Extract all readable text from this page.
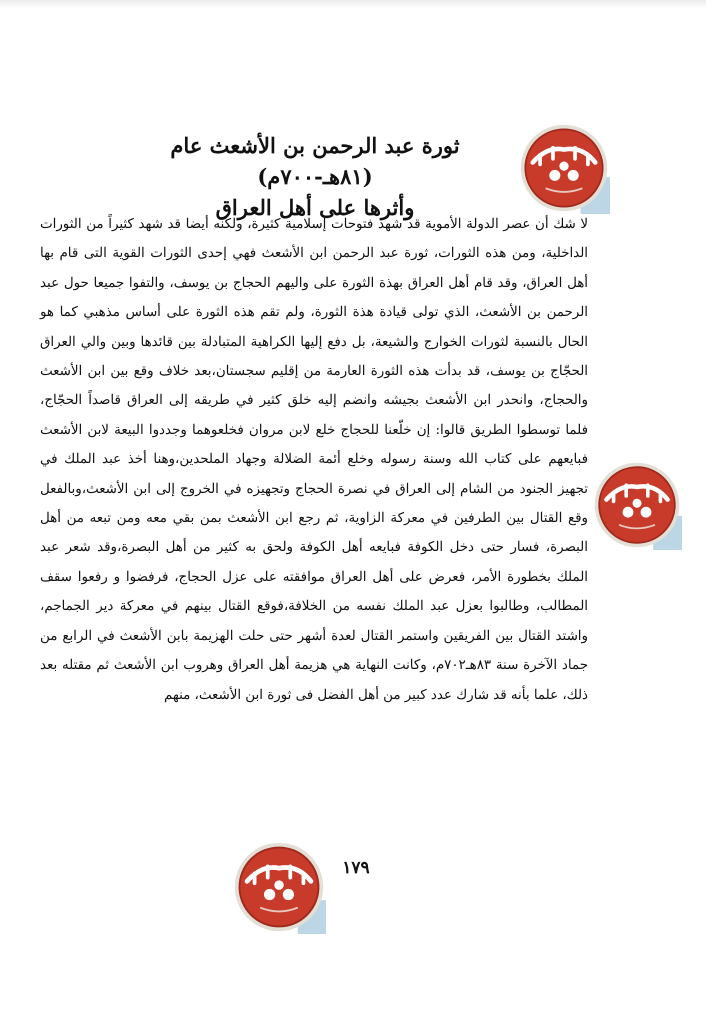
ثورة عبد الرحمن بن الأشعث عام (٨١هـ-٧٠٠م)
وأثرها على أهل العراق

لا شك أن عصر الدولة الأموية قد شهد فتوحات إسلامية كثيرة، ولكنه أيضا قد شهد كثيراً من الثورات الداخلية، ومن هذه الثورات، ثورة عبد الرحمن ابن الأشعث فهي إحدى الثورات القوية التى قام بها أهل العراق، وقد قام أهل العراق بهذة الثورة على واليهم الحجاج بن يوسف، والتفوا جميعا حول عبد الرحمن بن الأشعث، الذي تولى قيادة هذة الثورة، ولم تقم هذه الثورة على أساس مذهبي كما هو الحال بالنسبة لثورات الخوارج والشيعة، بل دفع إليها الكراهية المتبادلة بين قائدها وبين والي العراق الحجّاج بن يوسف، قد بدأت هذه الثورة العارمة من إقليم سجستان،بعد خلاف وقع بين ابن الأشعث والحجاج، وانحدر ابن الأشعث بجيشه وانضم إليه خلق كثير في طريقه إلى العراق قاصداً الحجّاج، فلما توسطوا الطريق قالوا: إن خلّعنا للحجاج خلع لابن مروان فخلعوهما وجددوا البيعة لابن الأشعث فبايعهم على كتاب الله وسنة رسوله وخلع أئمة الضلالة وجهاد الملحدين،وهنا أخذ عبد الملك في تجهيز الجنود من الشام إلى العراق في نصرة الحجاج وتجهيزه في الخروج إلى ابن الأشعث،وبالفعل وقع القتال بين الطرفين في معركة الزاوية، ثم رجع ابن الأشعث بمن بقي معه ومن تبعه من أهل البصرة، فسار حتى دخل الكوفة فبايعه أهل الكوفة ولحق به كثير من أهل البصرة،وقد شعر عبد الملك بخطورة الأمر، فعرض على أهل العراق موافقته على عزل الحجاج، فرفضوا و رفعوا سقف المطالب، وطالبوا بعزل عبد الملك نفسه من الخلافة،فوقع القتال بينهم في معركة دير الجماجم، واشتد القتال بين الفريقين واستمر القتال لعدة أشهر حتى حلت الهزيمة بابن الأشعث في الرابع من جماد الآخرة سنة ٨٣هـ٧٠٢م، وكانت النهاية هي هزيمة أهل العراق وهروب ابن الأشعث ثم مقتله بعد ذلك، علما بأنه قد شارك عدد كبير من أهل الفضل فى ثورة ابن الأشعث، منهم

١٧٩
